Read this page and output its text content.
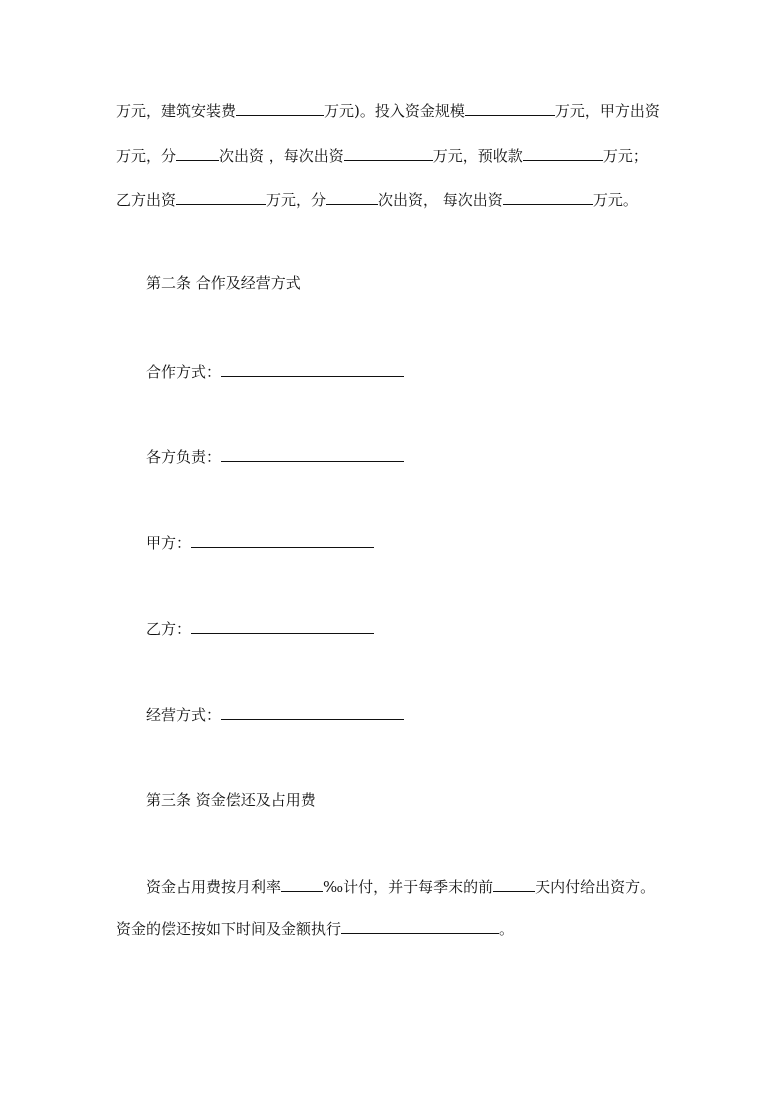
万元，建筑安装费	万元)。投入资金规模	万元，甲方出资
万元，分	次出资 ，每次出资	万元，预收款	万元；
乙方出资	万元，分	次出资， 每次出资	万元。
第二条 合作及经营方式
合作方式：
各方负责：
甲方：
乙方：
经营方式：
第三条 资金偿还及占用费
资金占用费按月利率	‰计付，并于每季末的前	天内付给出资方。
资金的偿还按如下时间及金额执行	。
